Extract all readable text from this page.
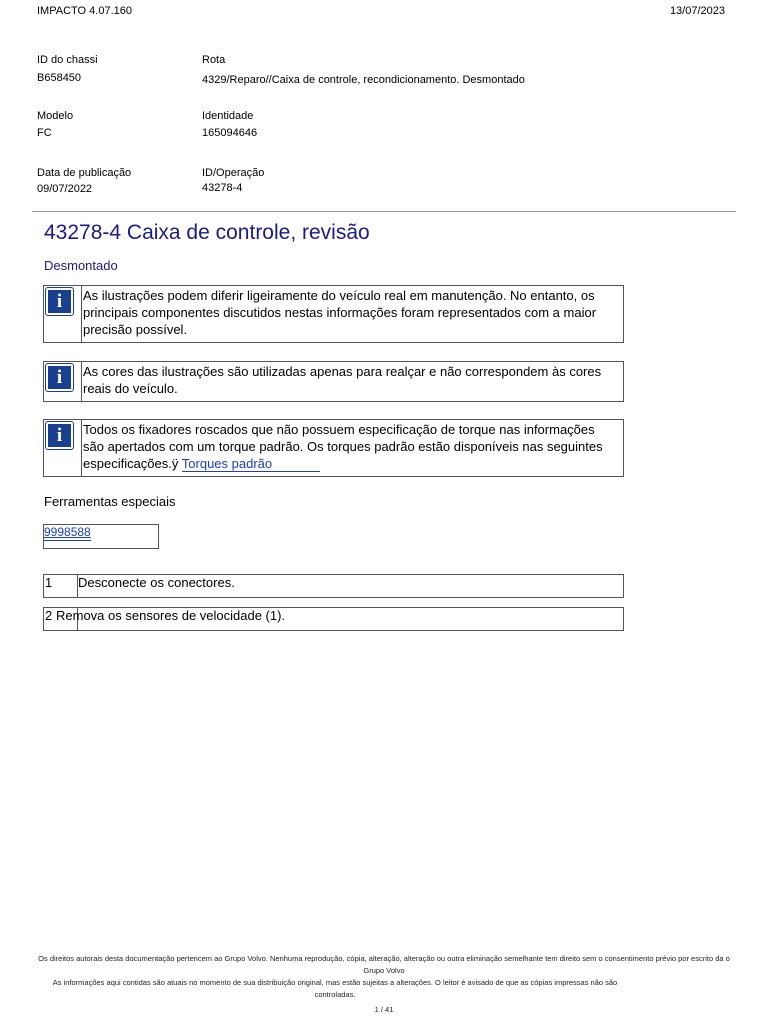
IMPACTO 4.07.160	13/07/2023
ID do chassi
B658450
Rota
4329/Reparo//Caixa de controle, recondicionamento. Desmontado
Modelo
FC
Identidade
165094646
Data de publicação
09/07/2022
ID/Operação
43278-4
43278-4 Caixa de controle, revisão
Desmontado
i	As ilustrações podem diferir ligeiramente do veículo real em manutenção. No entanto, os principais componentes discutidos nestas informações foram representados com a maior precisão possível.
i	As cores das ilustrações são utilizadas apenas para realçar e não correspondem às cores reais do veículo.
i	Todos os fixadores roscados que não possuem especificação de torque nas informações são apertados com um torque padrão. Os torques padrão estão disponíveis nas seguintes especificações.ÿ Torques padrão
Ferramentas especiais
9998588
1 Desconecte os conectores.
2 Remova os sensores de velocidade (1).
Os direitos autorais desta documentação pertencem ao Grupo Volvo. Nenhuma reprodução, cópia, alteração, alteração ou outra eliminação semelhante tem direito sem o consentimento prévio por escrito da o Grupo Volvo
As informações aqui contidas são atuais no momento de sua distribuição original, mas estão sujeitas a alterações. O leitor é avisado de que as cópias impressas não são controladas.
1 / 41
